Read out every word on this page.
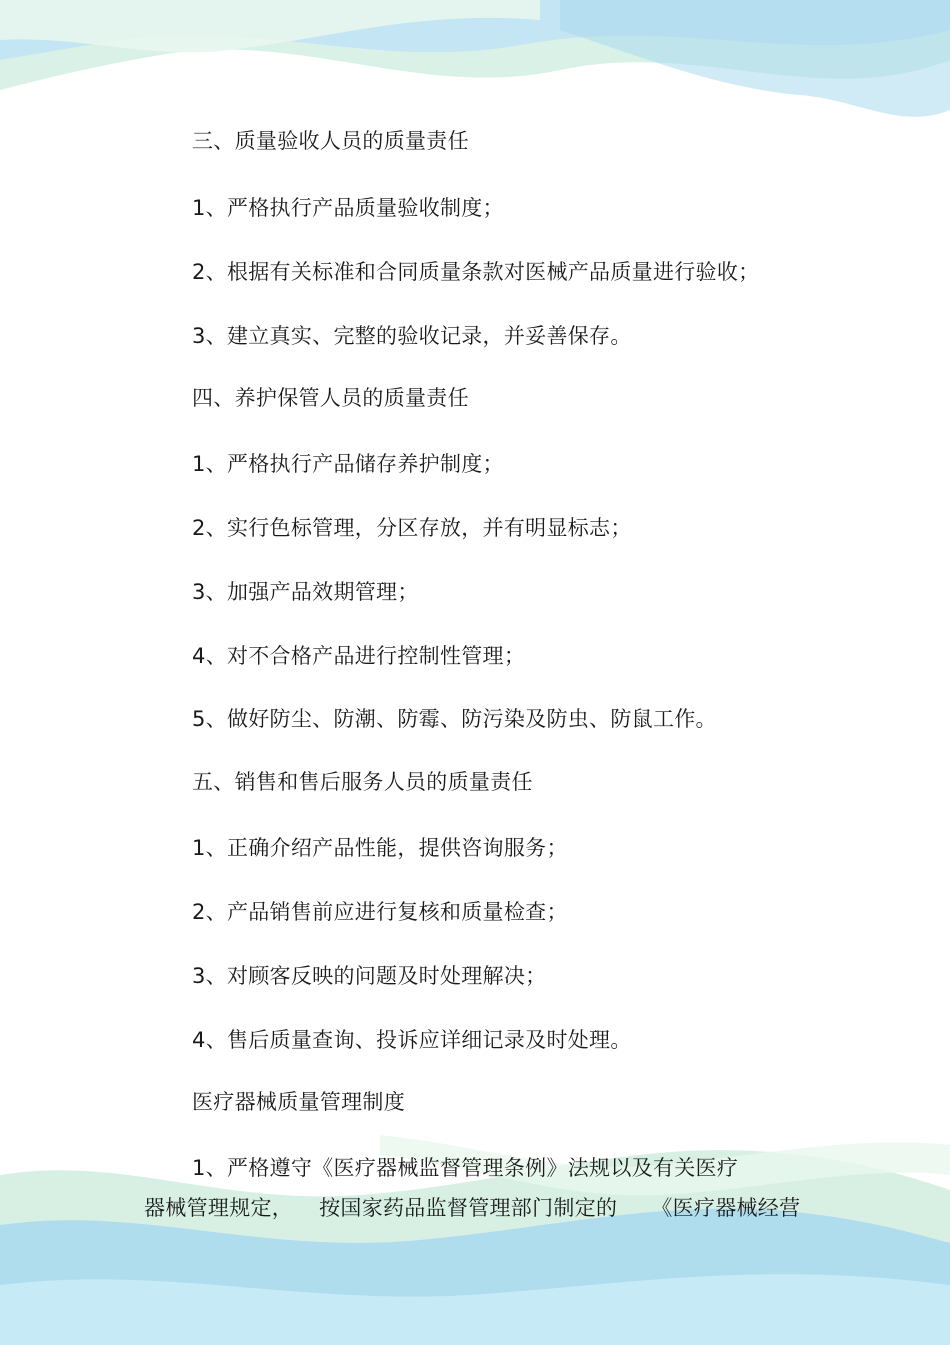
三、质量验收人员的质量责任
1、严格执行产品质量验收制度；
2、根据有关标准和合同质量条款对医械产品质量进行验收；
3、建立真实、完整的验收记录，并妥善保存。
四、养护保管人员的质量责任
1、严格执行产品储存养护制度；
2、实行色标管理，分区存放，并有明显标志；
3、加强产品效期管理；
4、对不合格产品进行控制性管理；
5、做好防尘、防潮、防霉、防污染及防虫、防鼠工作。
五、销售和售后服务人员的质量责任
1、正确介绍产品性能，提供咨询服务；
2、产品销售前应进行复核和质量检查；
3、对顾客反映的问题及时处理解决；
4、售后质量查询、投诉应详细记录及时处理。
医疗器械质量管理制度
1、严格遵守《医疗器械监督管理条例》法规以及有关医疗
器械管理规定， 按国家药品监督管理部门制定的 《医疗器械经营
